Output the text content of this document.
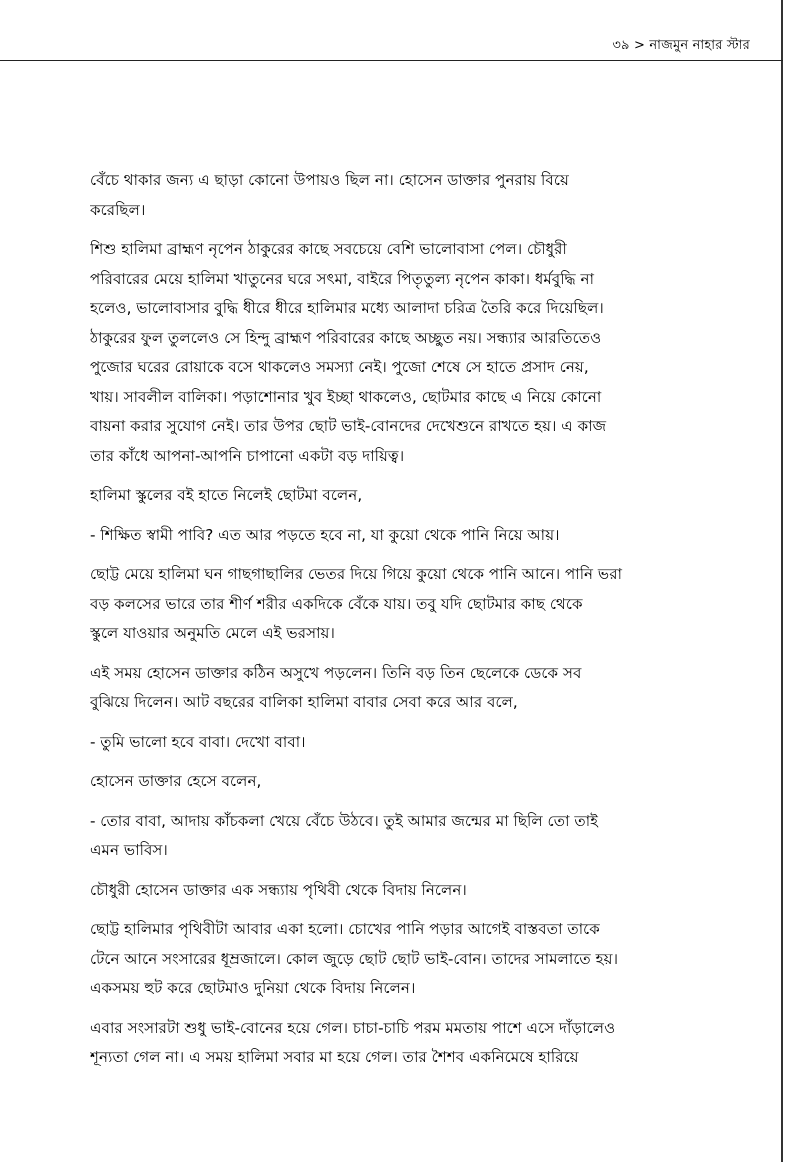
৩৯ > নাজমুন নাহার স্টার

বেঁচে থাকার জন্য এ ছাড়া কোনো উপায়ও ছিল না। হোসেন ডাক্তার পুনরায় বিয়ে
করেছিল।

শিশু হালিমা ব্রাহ্মণ নৃপেন ঠাকুরের কাছে সবচেয়ে বেশি ভালোবাসা পেল। চৌধুরী
পরিবারের মেয়ে হালিমা খাতুনের ঘরে সৎমা, বাইরে পিতৃতুল্য নৃপেন কাকা। ধর্মবুদ্ধি না
হলেও, ভালোবাসার বুদ্ধি ধীরে ধীরে হালিমার মধ্যে আলাদা চরিত্র তৈরি করে দিয়েছিল।
ঠাকুরের ফুল তুললেও সে হিন্দু ব্রাহ্মণ পরিবারের কাছে অচ্ছুত নয়। সন্ধ্যার আরতিতেও
পুজোর ঘরের রোয়াকে বসে থাকলেও সমস্যা নেই। পুজো শেষে সে হাতে প্রসাদ নেয়,
খায়। সাবলীল বালিকা। পড়াশোনার খুব ইচ্ছা থাকলেও, ছোটমার কাছে এ নিয়ে কোনো
বায়না করার সুযোগ নেই। তার উপর ছোট ভাই-বোনদের দেখেশুনে রাখতে হয়। এ কাজ
তার কাঁধে আপনা-আপনি চাপানো একটা বড় দায়িত্ব।

হালিমা স্কুলের বই হাতে নিলেই ছোটমা বলেন,

- শিক্ষিত স্বামী পাবি? এত আর পড়তে হবে না, যা কুয়ো থেকে পানি নিয়ে আয়।

ছোট্ট মেয়ে হালিমা ঘন গাছগাছালির ভেতর দিয়ে গিয়ে কুয়ো থেকে পানি আনে। পানি ভরা
বড় কলসের ভারে তার শীর্ণ শরীর একদিকে বেঁকে যায়। তবু যদি ছোটমার কাছ থেকে
স্কুলে যাওয়ার অনুমতি মেলে এই ভরসায়।

এই সময় হোসেন ডাক্তার কঠিন অসুখে পড়লেন। তিনি বড় তিন ছেলেকে ডেকে সব
বুঝিয়ে দিলেন। আট বছরের বালিকা হালিমা বাবার সেবা করে আর বলে,

- তুমি ভালো হবে বাবা। দেখো বাবা।

হোসেন ডাক্তার হেসে বলেন,

- তোর বাবা, আদায় কাঁচকলা খেয়ে বেঁচে উঠবে। তুই আমার জন্মের মা ছিলি তো তাই
এমন ভাবিস।

চৌধুরী হোসেন ডাক্তার এক সন্ধ্যায় পৃথিবী থেকে বিদায় নিলেন।

ছোট্ট হালিমার পৃথিবীটা আবার একা হলো। চোখের পানি পড়ার আগেই বাস্তবতা তাকে
টেনে আনে সংসারের ধূম্রজালে। কোল জুড়ে ছোট ছোট ভাই-বোন। তাদের সামলাতে হয়।
একসময় হুট করে ছোটমাও দুনিয়া থেকে বিদায় নিলেন।

এবার সংসারটা শুধু ভাই-বোনের হয়ে গেল। চাচা-চাচি পরম মমতায় পাশে এসে দাঁড়ালেও
শূন্যতা গেল না। এ সময় হালিমা সবার মা হয়ে গেল। তার শৈশব একনিমেষে হারিয়ে
